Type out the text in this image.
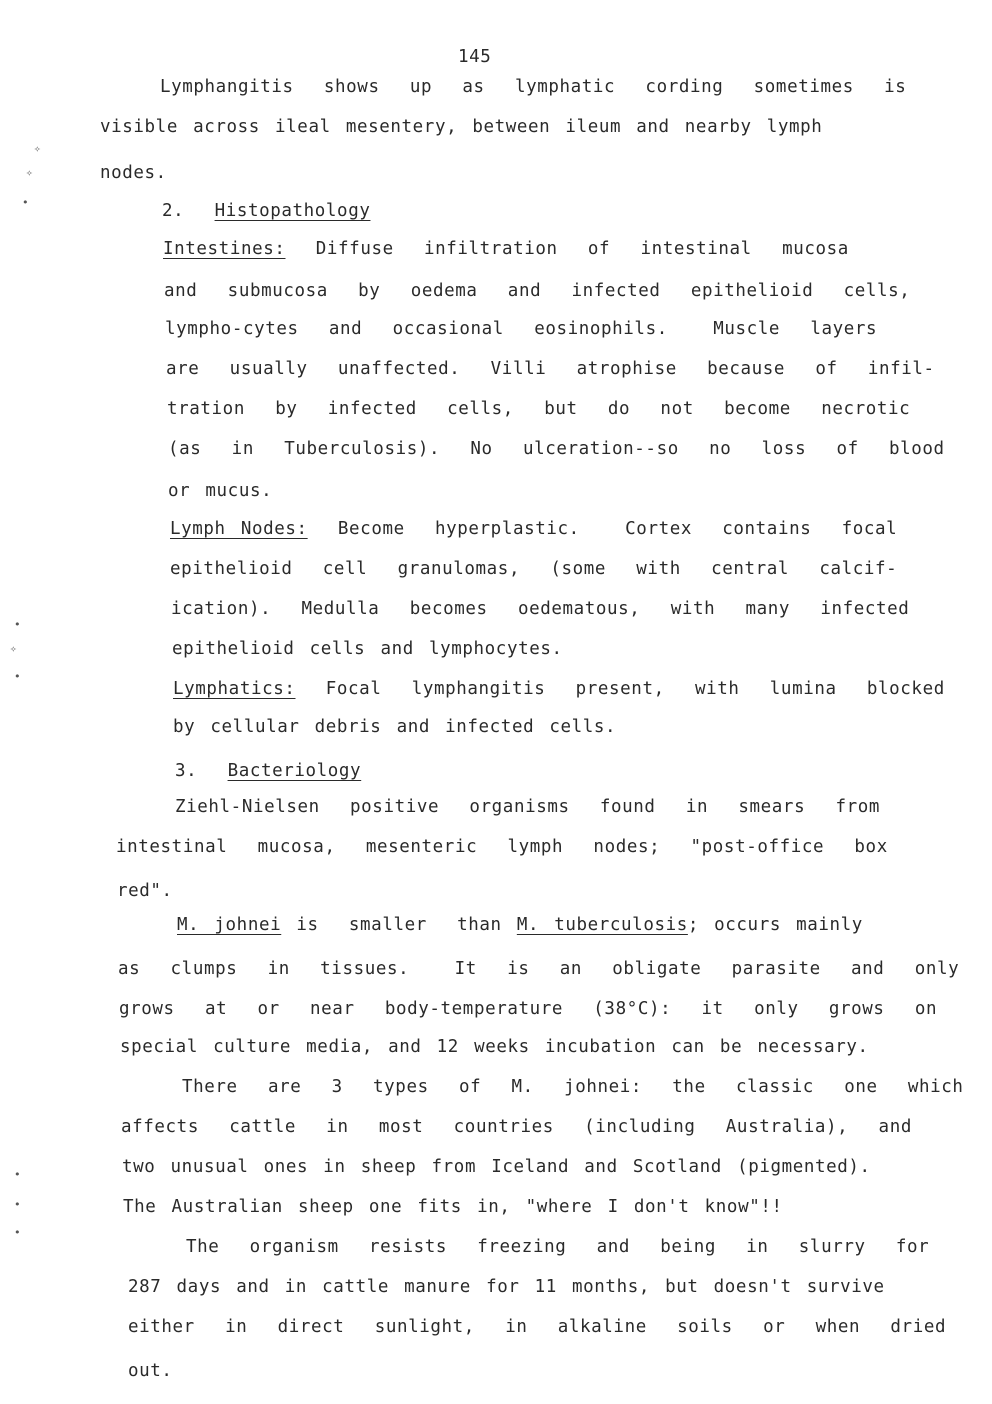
145
✧
✧
•
•
✧
•
•
•
•
Lymphangitis  shows  up  as  lymphatic  cording  sometimes  is
visible across ileal mesentery, between ileum and nearby lymph
nodes.
2. Histopathology
Intestines:  Diffuse  infiltration  of  intestinal  mucosa
and  submucosa  by  oedema  and  infected  epithelioid  cells,
lympho-cytes  and  occasional  eosinophils.   Muscle  layers
are  usually  unaffected.  Villi  atrophise  because  of  infil-
tration  by  infected  cells,  but  do  not  become  necrotic
(as  in  Tuberculosis).  No  ulceration--so  no  loss  of  blood
or mucus.
Lymph Nodes:  Become  hyperplastic.   Cortex  contains  focal
epithelioid  cell  granulomas,  (some  with  central  calcif-
ication).  Medulla  becomes  oedematous,  with  many  infected
epithelioid cells and lymphocytes.
Lymphatics:  Focal  lymphangitis  present,  with  lumina  blocked
by cellular debris and infected cells.
3. Bacteriology
Ziehl-Nielsen  positive  organisms  found  in  smears  from
intestinal  mucosa,  mesenteric  lymph  nodes;  "post-office  box
red".
M. johnei is  smaller  than M. tuberculosis; occurs mainly
as  clumps  in  tissues.   It  is  an  obligate  parasite  and  only
grows  at  or  near  body-temperature  (38°C):  it  only  grows  on
special culture media, and 12 weeks incubation can be necessary.
There  are  3  types  of  M.  johnei:  the  classic  one  which
affects  cattle  in  most  countries  (including  Australia),  and
two unusual ones in sheep from Iceland and Scotland (pigmented).
The Australian sheep one fits in, "where I don't know"!!
The  organism  resists  freezing  and  being  in  slurry  for
287 days and in cattle manure for 11 months, but doesn't survive
either  in  direct  sunlight,  in  alkaline  soils  or  when  dried
out.
